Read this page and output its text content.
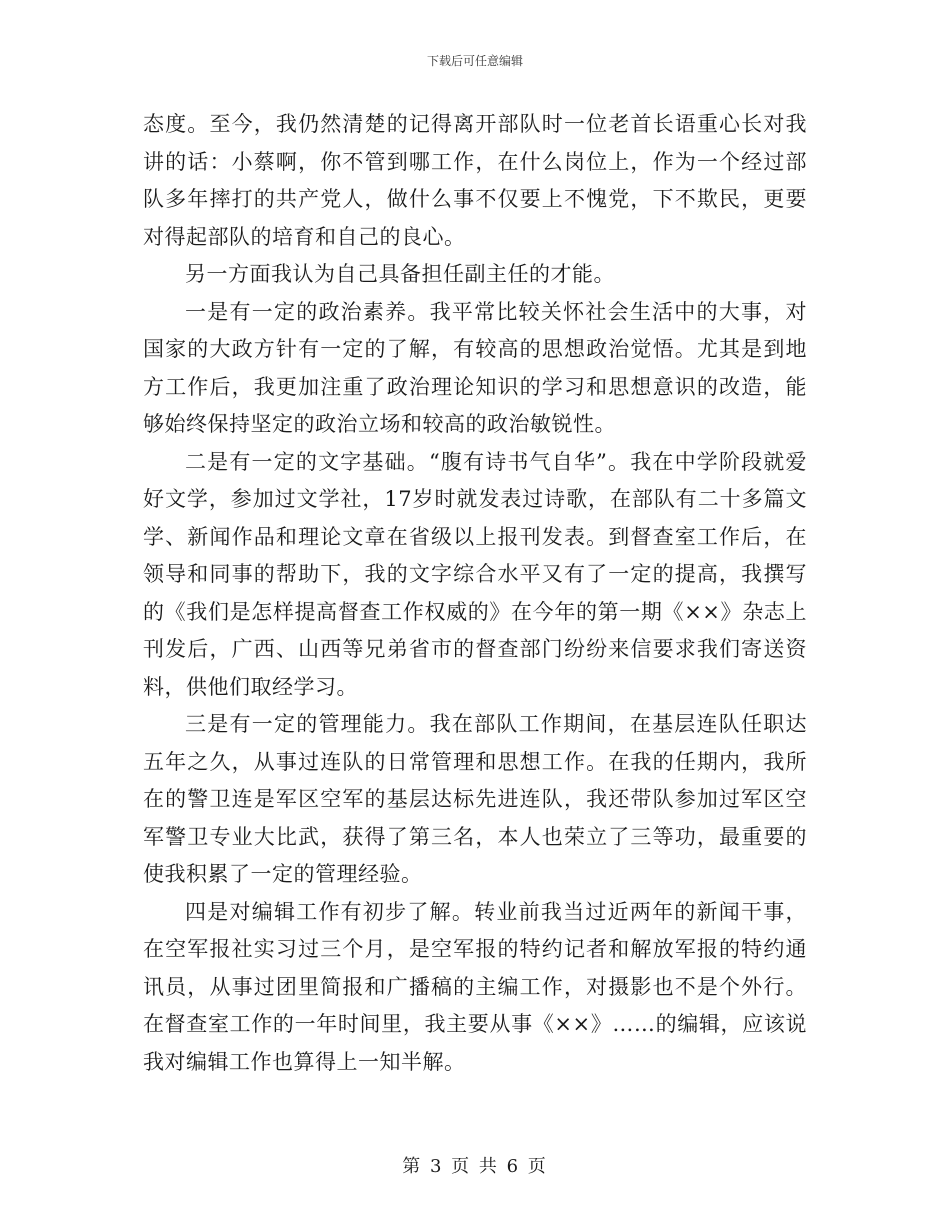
下载后可任意编辑

态度。至今，我仍然清楚的记得离开部队时一位老首长语重心长对我讲的话：小蔡啊，你不管到哪工作，在什么岗位上，作为一个经过部队多年摔打的共产党人，做什么事不仅要上不愧党，下不欺民，更要对得起部队的培育和自己的良心。

另一方面我认为自己具备担任副主任的才能。

一是有一定的政治素养。我平常比较关怀社会生活中的大事，对国家的大政方针有一定的了解，有较高的思想政治觉悟。尤其是到地方工作后，我更加注重了政治理论知识的学习和思想意识的改造，能够始终保持坚定的政治立场和较高的政治敏锐性。

二是有一定的文字基础。“腹有诗书气自华”。我在中学阶段就爱好文学，参加过文学社，17岁时就发表过诗歌，在部队有二十多篇文学、新闻作品和理论文章在省级以上报刊发表。到督查室工作后，在领导和同事的帮助下，我的文字综合水平又有了一定的提高，我撰写的《我们是怎样提高督查工作权威的》在今年的第一期《××》杂志上刊发后，广西、山西等兄弟省市的督查部门纷纷来信要求我们寄送资料，供他们取经学习。

三是有一定的管理能力。我在部队工作期间，在基层连队任职达五年之久，从事过连队的日常管理和思想工作。在我的任期内，我所在的警卫连是军区空军的基层达标先进连队，我还带队参加过军区空军警卫专业大比武，获得了第三名，本人也荣立了三等功，最重要的使我积累了一定的管理经验。

四是对编辑工作有初步了解。转业前我当过近两年的新闻干事，在空军报社实习过三个月，是空军报的特约记者和解放军报的特约通讯员，从事过团里简报和广播稿的主编工作，对摄影也不是个外行。在督查室工作的一年时间里，我主要从事《××》……的编辑，应该说我对编辑工作也算得上一知半解。

第 3 页 共 6 页
